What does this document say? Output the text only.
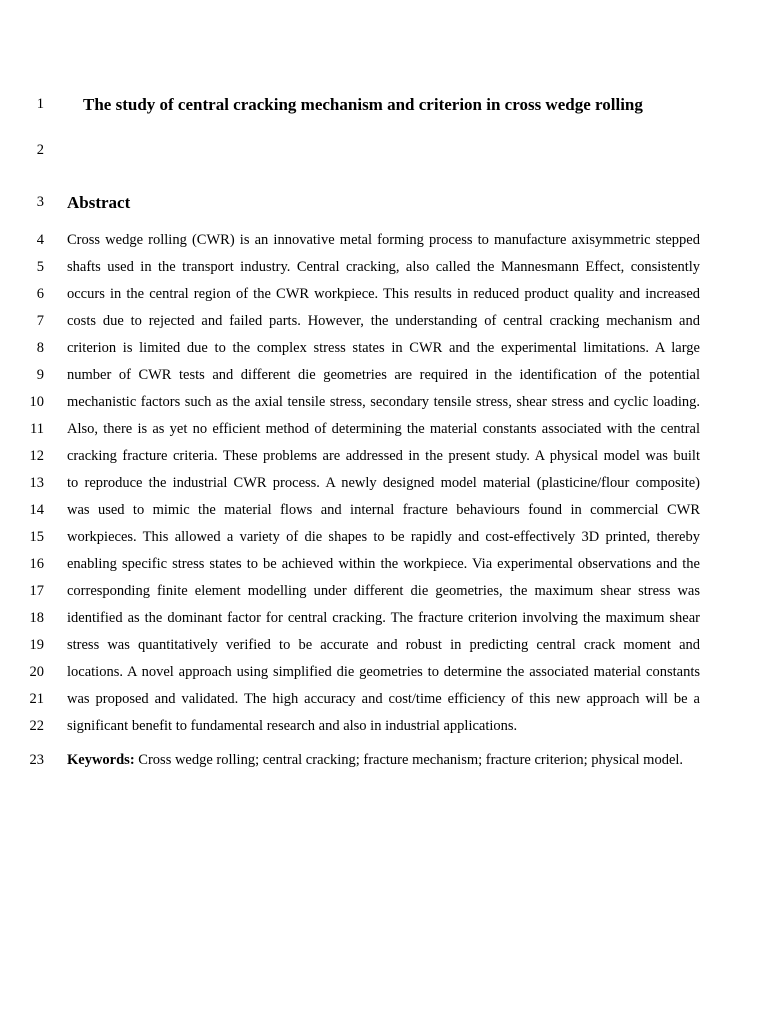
1 The study of central cracking mechanism and criterion in cross wedge rolling
2
3 Abstract
4 Cross wedge rolling (CWR) is an innovative metal forming process to manufacture axisymmetric stepped
5 shafts used in the transport industry. Central cracking, also called the Mannesmann Effect, consistently
6 occurs in the central region of the CWR workpiece. This results in reduced product quality and increased
7 costs due to rejected and failed parts. However, the understanding of central cracking mechanism and
8 criterion is limited due to the complex stress states in CWR and the experimental limitations. A large
9 number of CWR tests and different die geometries are required in the identification of the potential
10 mechanistic factors such as the axial tensile stress, secondary tensile stress, shear stress and cyclic loading.
11 Also, there is as yet no efficient method of determining the material constants associated with the central
12 cracking fracture criteria. These problems are addressed in the present study. A physical model was built
13 to reproduce the industrial CWR process. A newly designed model material (plasticine/flour composite)
14 was used to mimic the material flows and internal fracture behaviours found in commercial CWR
15 workpieces. This allowed a variety of die shapes to be rapidly and cost-effectively 3D printed, thereby
16 enabling specific stress states to be achieved within the workpiece. Via experimental observations and the
17 corresponding finite element modelling under different die geometries, the maximum shear stress was
18 identified as the dominant factor for central cracking. The fracture criterion involving the maximum shear
19 stress was quantitatively verified to be accurate and robust in predicting central crack moment and
20 locations. A novel approach using simplified die geometries to determine the associated material constants
21 was proposed and validated. The high accuracy and cost/time efficiency of this new approach will be a
22 significant benefit to fundamental research and also in industrial applications.
23 Keywords: Cross wedge rolling; central cracking; fracture mechanism; fracture criterion; physical model.
